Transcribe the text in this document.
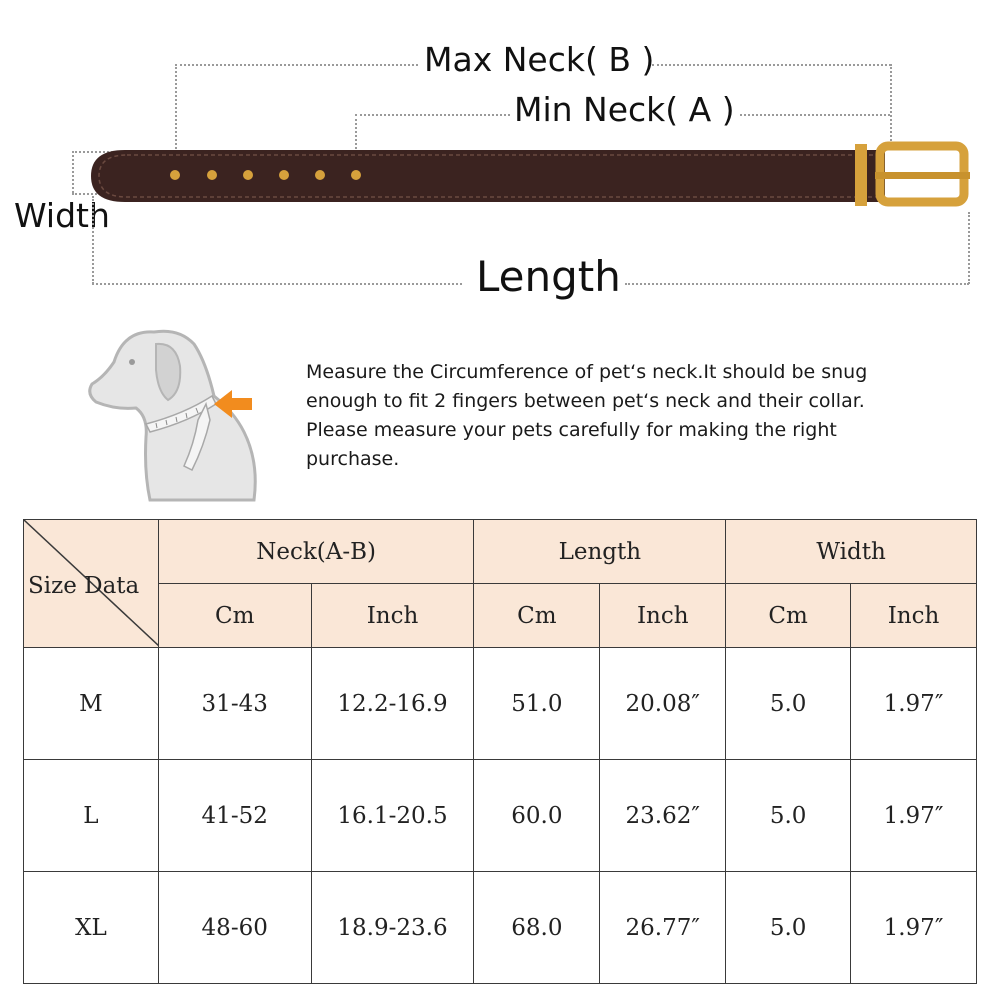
Max Neck( B )
Min Neck( A )
Width
Length
Measure the Circumference of pet‘s neck.It should be snug
enough to fit 2 fingers between pet‘s neck and their collar.
Please measure your pets carefully for making the right
purchase.
Size Data	Neck(A-B)		Length		Width	
	Cm	Inch	Cm	Inch	Cm	Inch
M	31-43	12.2-16.9	51.0	20.08″	5.0	1.97″
L	41-52	16.1-20.5	60.0	23.62″	5.0	1.97″
XL	48-60	18.9-23.6	68.0	26.77″	5.0	1.97″
